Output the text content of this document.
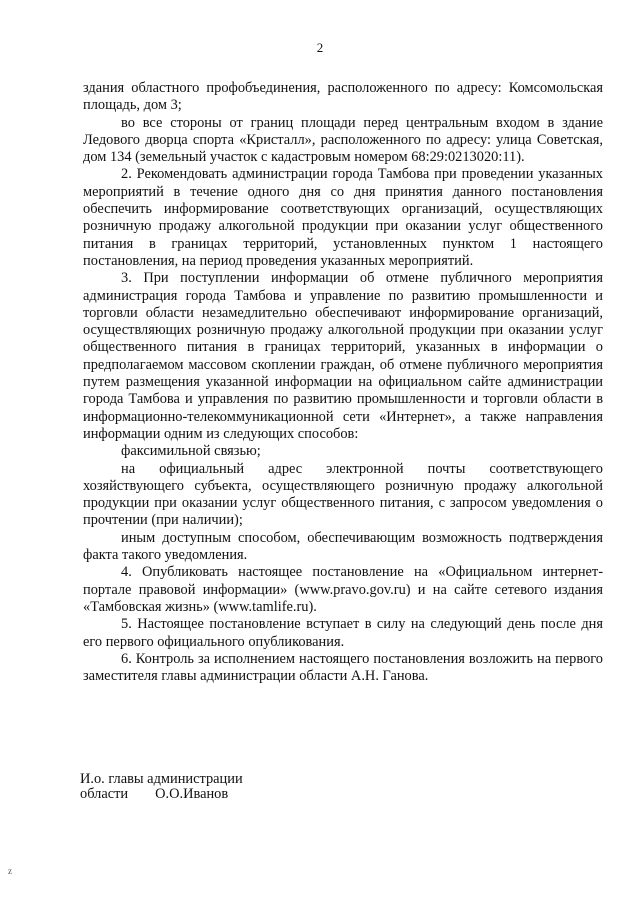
2

здания областного профобъединения, расположенного по адресу: Комсомольская площадь, дом 3;

во все стороны от границ площади перед центральным входом в здание Ледового дворца спорта «Кристалл», расположенного по адресу: улица Советская, дом 134 (земельный участок с кадастровым номером 68:29:0213020:11).

2. Рекомендовать администрации города Тамбова при проведении указанных мероприятий в течение одного дня со дня принятия данного постановления обеспечить информирование соответствующих организаций, осуществляющих розничную продажу алкогольной продукции при оказании услуг общественного питания в границах территорий, установленных пунктом 1 настоящего постановления, на период проведения указанных мероприятий.

3. При поступлении информации об отмене публичного мероприятия администрация города Тамбова и управление по развитию промышленности и торговли области незамедлительно обеспечивают информирование организаций, осуществляющих розничную продажу алкогольной продукции при оказании услуг общественного питания в границах территорий, указанных в информации о предполагаемом массовом скоплении граждан, об отмене публичного мероприятия путем размещения указанной информации на официальном сайте администрации города Тамбова и управления по развитию промышленности и торговли области в информационно-телекоммуникационной сети «Интернет», а также направления информации одним из следующих способов:

факсимильной связью;

на официальный адрес электронной почты соответствующего хозяйствующего субъекта, осуществляющего розничную продажу алкогольной продукции при оказании услуг общественного питания, с запросом уведомления о прочтении (при наличии);

иным доступным способом, обеспечивающим возможность подтверждения факта такого уведомления.

4. Опубликовать настоящее постановление на «Официальном интернет-портале правовой информации» (www.pravo.gov.ru) и на сайте сетевого издания «Тамбовская жизнь» (www.tamlife.ru).

5. Настоящее постановление вступает в силу на следующий день после дня его первого официального опубликования.

6. Контроль за исполнением настоящего постановления возложить на первого заместителя главы администрации области А.Н. Ганова.

И.о. главы администрации
области О.О.Иванов
z
